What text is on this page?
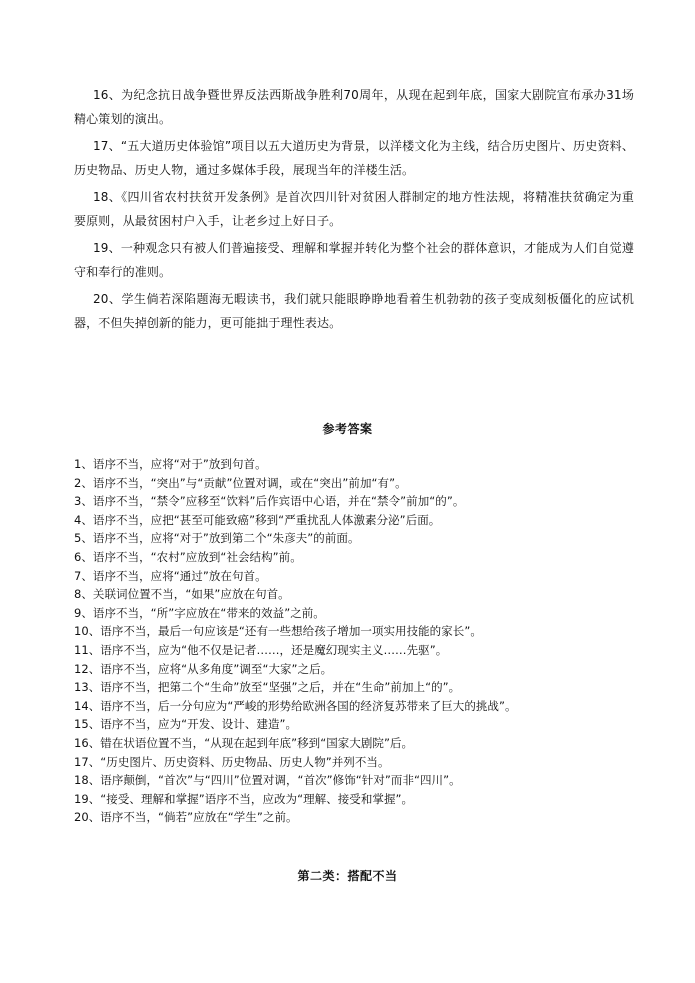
16、为纪念抗日战争暨世界反法西斯战争胜利70周年，从现在起到年底，国家大剧院宣布承办31场精心策划的演出。

17、“五大道历史体验馆”项目以五大道历史为背景，以洋楼文化为主线，结合历史图片、历史资料、历史物品、历史人物，通过多媒体手段，展现当年的洋楼生活。

18、《四川省农村扶贫开发条例》是首次四川针对贫困人群制定的地方性法规，将精准扶贫确定为重要原则，从最贫困村户入手，让老乡过上好日子。

19、一种观念只有被人们普遍接受、理解和掌握并转化为整个社会的群体意识，才能成为人们自觉遵守和奉行的准则。

20、学生倘若深陷题海无暇读书，我们就只能眼睁睁地看着生机勃勃的孩子变成刻板僵化的应试机器，不但失掉创新的能力，更可能拙于理性表达。

参考答案
1、语序不当，应将“对于”放到句首。
2、语序不当，“突出”与“贡献”位置对调，或在“突出”前加“有”。
3、语序不当，“禁令”应移至“饮料”后作宾语中心语，并在“禁令”前加“的”。
4、语序不当，应把“甚至可能致癌”移到“严重扰乱人体激素分泌”后面。
5、语序不当，应将“对于”放到第二个“朱彦夫”的前面。
6、语序不当，“农村”应放到“社会结构”前。
7、语序不当，应将“通过”放在句首。
8、关联词位置不当，“如果”应放在句首。
9、语序不当，“所”字应放在“带来的效益”之前。
10、语序不当，最后一句应该是“还有一些想给孩子增加一项实用技能的家长”。
11、语序不当，应为“他不仅是记者……，还是魔幻现实主义……先驱”。
12、语序不当，应将“从多角度”调至“大家”之后。
13、语序不当，把第二个“生命”放至“坚强”之后，并在“生命”前加上“的”。
14、语序不当，后一分句应为“严峻的形势给欧洲各国的经济复苏带来了巨大的挑战”。
15、语序不当，应为“开发、设计、建造”。
16、错在状语位置不当，“从现在起到年底”移到“国家大剧院”后。
17、“历史图片、历史资料、历史物品、历史人物”并列不当。
18、语序颠倒，“首次”与“四川”位置对调，“首次”修饰“针对”而非“四川”。
19、“接受、理解和掌握”语序不当，应改为“理解、接受和掌握”。
20、语序不当，“倘若”应放在“学生”之前。
第二类：搭配不当
